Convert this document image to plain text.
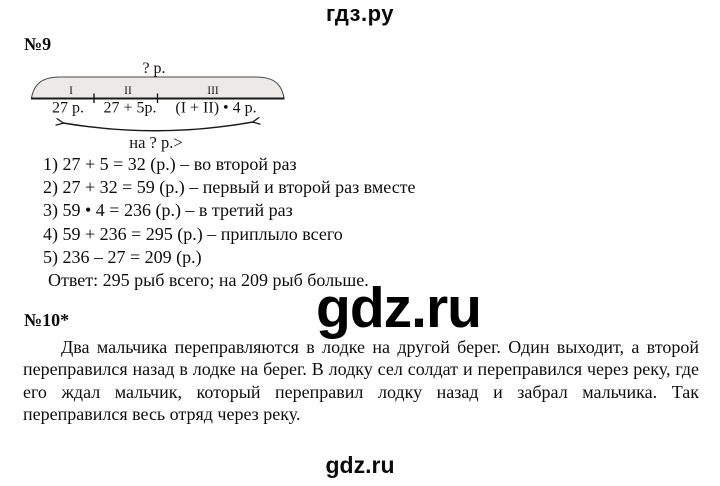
гдз.ру
№9
? р.
I	II	III
27 р. 27 + 5р. (I + II) • 4 р.
на ? р.>
1) 27 + 5 = 32 (р.) – во второй раз
2) 27 + 32 = 59 (р.) – первый и второй раз вместе
3) 59 • 4 = 236 (р.) – в третий раз
4) 59 + 236 = 295 (р.) – приплыло всего
5) 236 – 27 = 209 (р.)
Ответ: 295 рыб всего; на 209 рыб больше.
gdz.ru
№10*
Два мальчика переправляются в лодке на другой берег. Один выходит, а второй переправился назад в лодке на берег. В лодку сел солдат и переправился через реку, где его ждал мальчик, который переправил лодку назад и забрал мальчика. Так переправился весь отряд через реку.
gdz.ru
